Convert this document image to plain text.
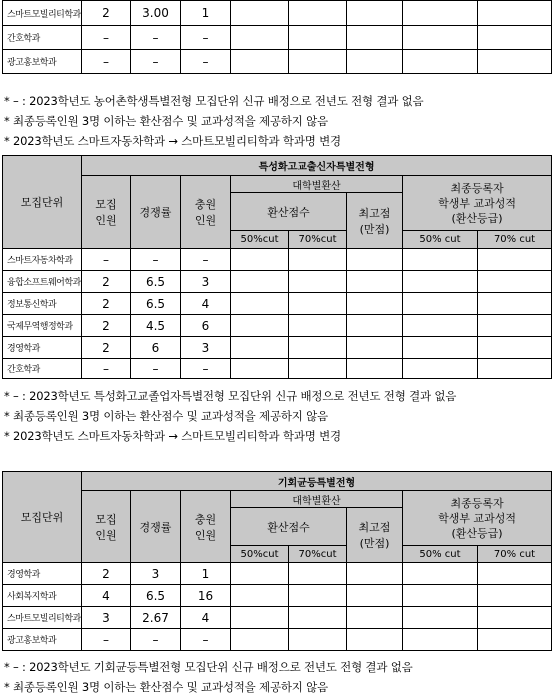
스마트모빌리티학과	2	3.00	1					
간호학과	–	–	–					
광고홍보학과	–	–	–					
* – : 2023학년도 농어촌학생특별전형 모집단위 신규 배정으로 전년도 전형 결과 없음
* 최종등록인원 3명 이하는 환산점수 및 교과성적을 제공하지 않음
* 2023학년도 스마트자동차학과 → 스마트모빌리티학과 학과명 변경
모집단위	특성화고교출신자특별전형							
	모집
인원	경쟁률	충원
인원	대학별환산			최종등록자
학생부 교과성적
(환산등급)	
				환산점수		최고점
(만점)		
				50%cut	70%cut		50% cut	70% cut
스마트자동차학과	–	–	–					
융합소프트웨어학과	2	6.5	3					
정보통신학과	2	6.5	4					
국제무역행정학과	2	4.5	6					
경영학과	2	6	3					
간호학과	–	–	–					
* – : 2023학년도 특성화고교졸업자특별전형 모집단위 신규 배정으로 전년도 전형 결과 없음
* 최종등록인원 3명 이하는 환산점수 및 교과성적을 제공하지 않음
* 2023학년도 스마트자동차학과 → 스마트모빌리티학과 학과명 변경
모집단위	기회균등특별전형							
	모집
인원	경쟁률	충원
인원	대학별환산			최종등록자
학생부 교과성적
(환산등급)	
				환산점수		최고점
(만점)		
				50%cut	70%cut		50% cut	70% cut
경영학과	2	3	1					
사회복지학과	4	6.5	16					
스마트모빌리티학과	3	2.67	4					
광고홍보학과	–	–	–					
* – : 2023학년도 기회균등특별전형 모집단위 신규 배정으로 전년도 전형 결과 없음
* 최종등록인원 3명 이하는 환산점수 및 교과성적을 제공하지 않음
